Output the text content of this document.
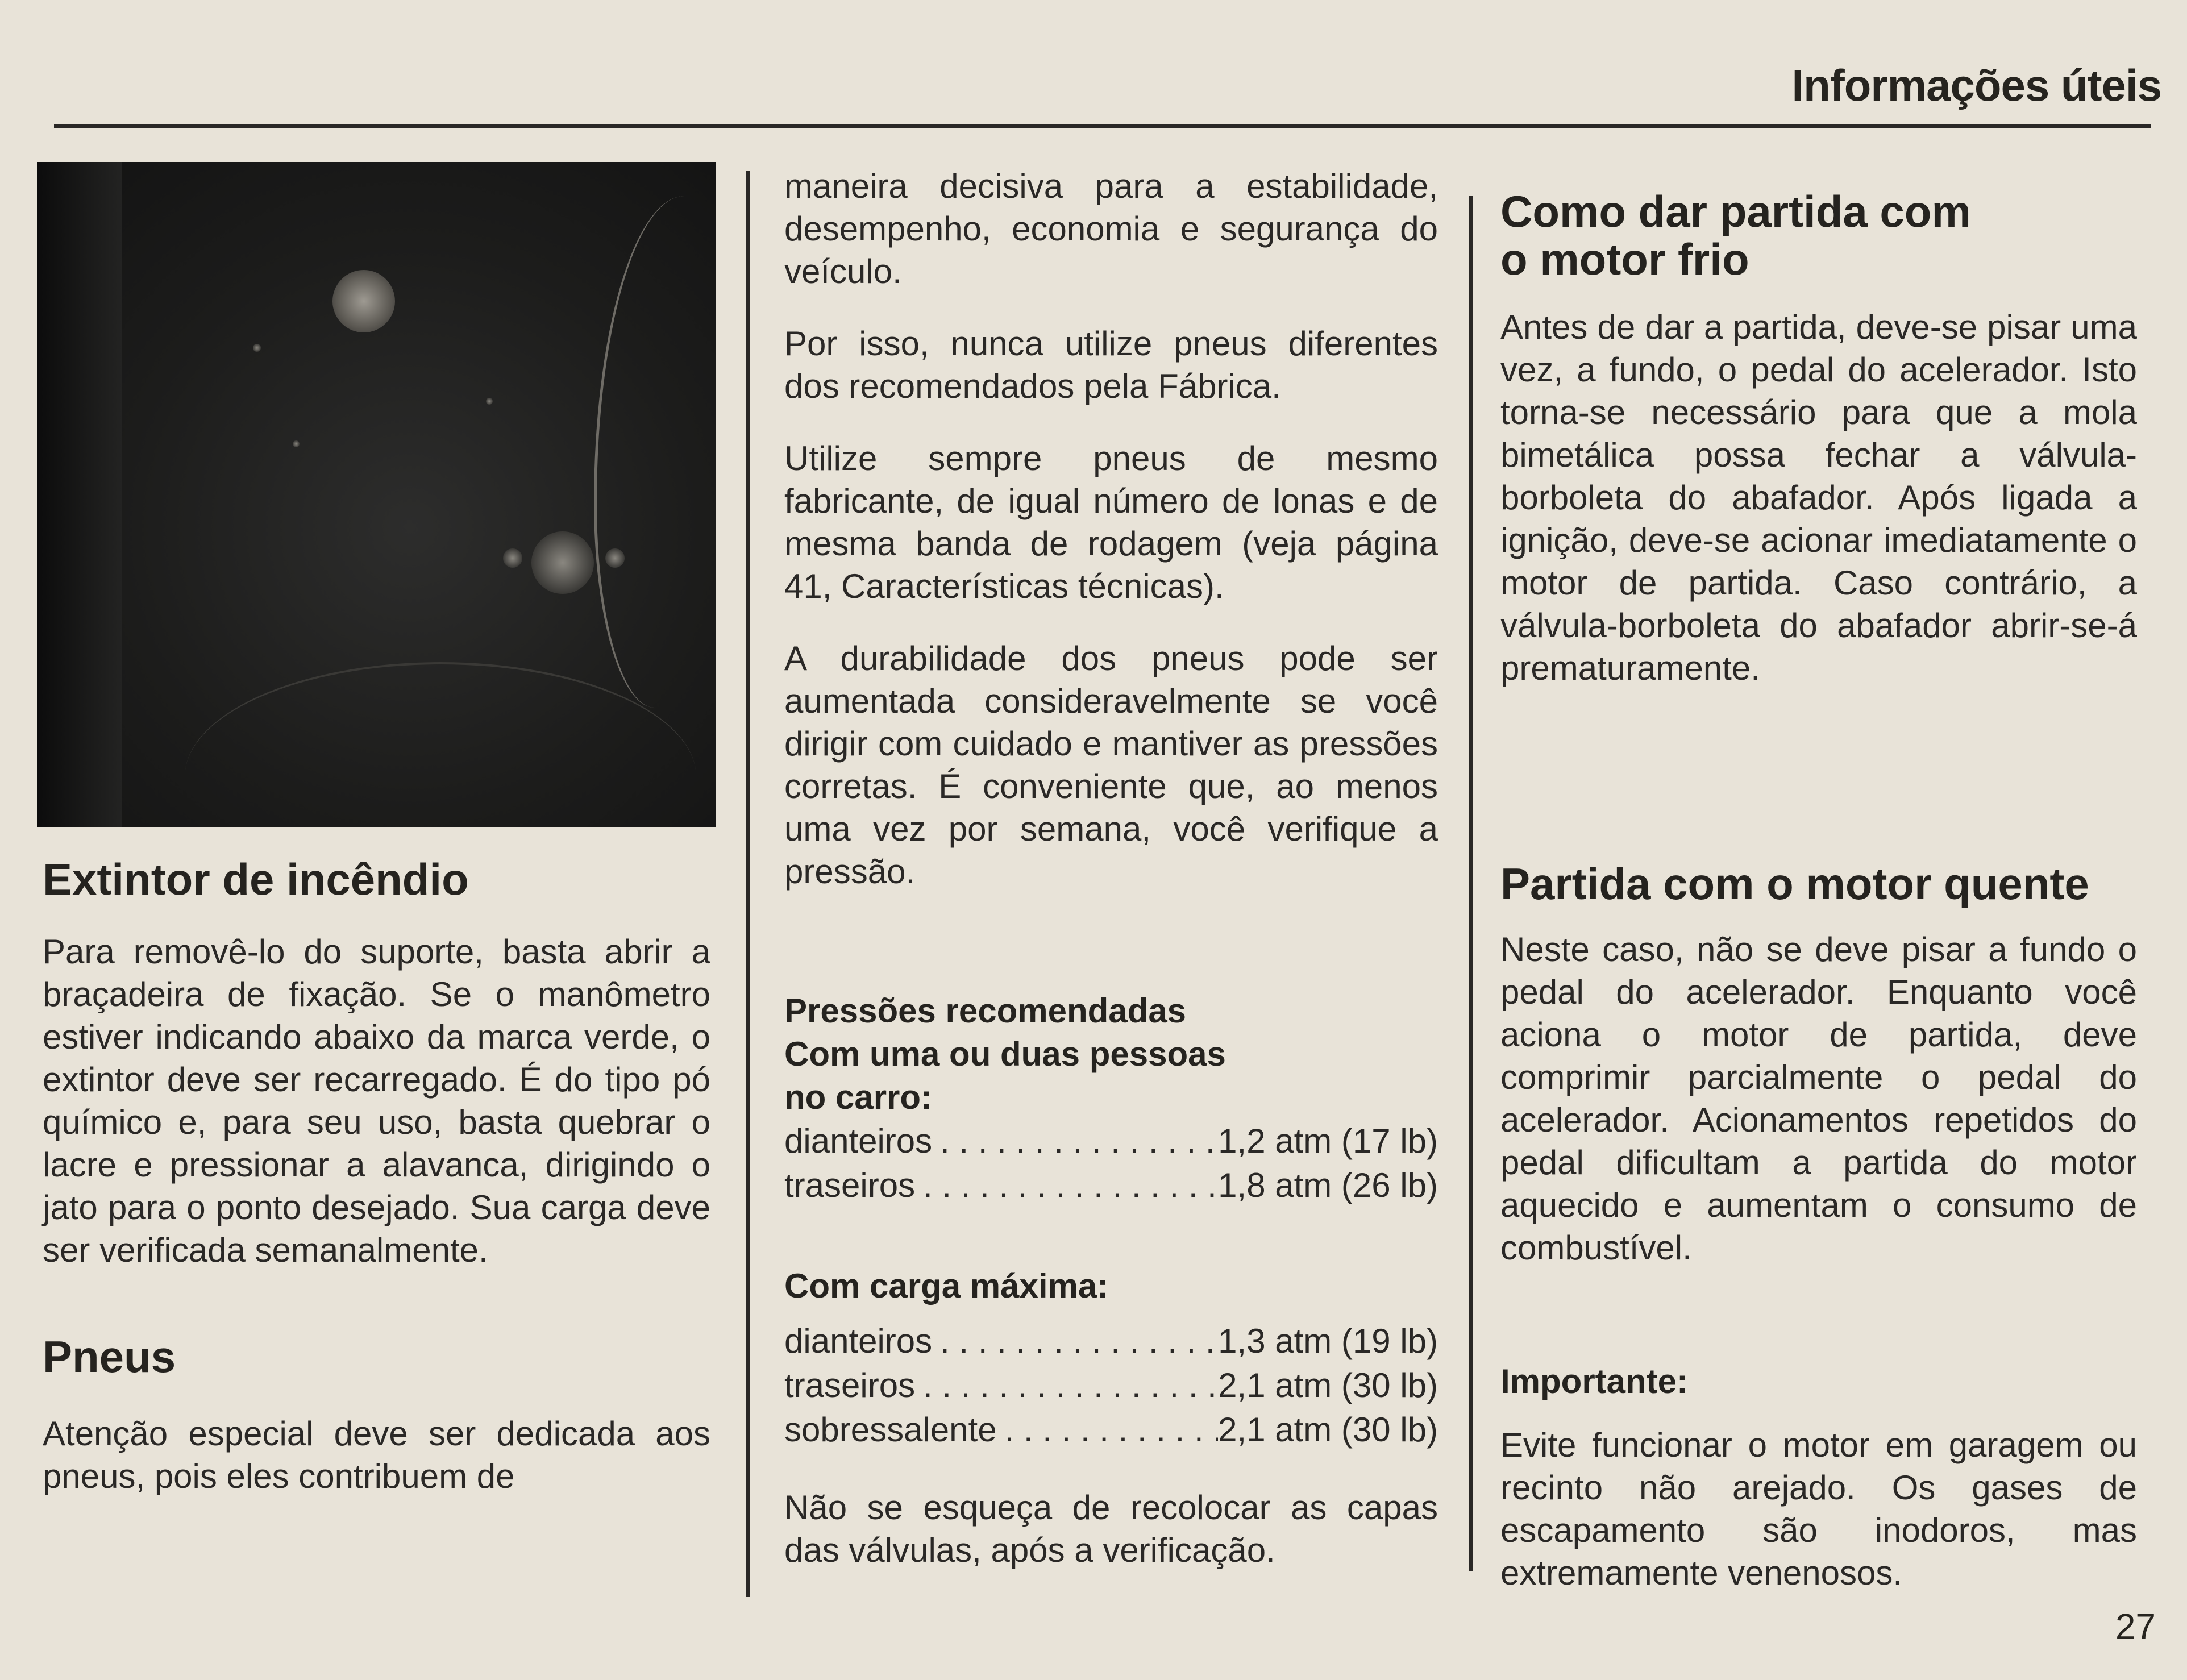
Informações úteis
Extintor de incêndio

Para removê-lo do suporte, basta abrir a braçadeira de fixação. Se o manômetro estiver indicando abaixo da marca verde, o extintor deve ser recarregado. É do tipo pó químico e, para seu uso, basta quebrar o lacre e pressionar a alavanca, dirigindo o jato para o ponto desejado. Sua carga deve ser verificada semanalmente.

Pneus

Atenção especial deve ser dedicada aos pneus, pois eles contribuem de

maneira decisiva para a estabilidade, desempenho, economia e segurança do veículo.

Por isso, nunca utilize pneus diferentes dos recomendados pela Fábrica.

Utilize sempre pneus de mesmo fabricante, de igual número de lonas e de mesma banda de rodagem (veja página 41, Características técnicas).

A durabilidade dos pneus pode ser aumentada consideravelmente se você dirigir com cuidado e mantiver as pressões corretas. É conveniente que, ao menos uma vez por semana, você verifique a pressão.

Pressões recomendadas
Com uma ou duas pessoas
no carro:
dianteiros . . .	1,2 atm (17 lb)
traseiros . . .	1,8 atm (26 lb)
Com carga máxima:
dianteiros . . .	1,3 atm (19 lb)
traseiros . . .	2,1 atm (30 lb)
sobressalente . . .	2,1 atm (30 lb)

Não se esqueça de recolocar as capas das válvulas, após a verificação.

Como dar partida com
o motor frio

Antes de dar a partida, deve-se pisar uma vez, a fundo, o pedal do acelerador. Isto torna-se necessário para que a mola bimetálica possa fechar a válvula-borboleta do abafador. Após ligada a ignição, deve-se acionar imediatamente o motor de partida. Caso contrário, a válvula-borboleta do abafador abrir-se-á prematuramente.

Partida com o motor quente

Neste caso, não se deve pisar a fundo o pedal do acelerador. Enquanto você aciona o motor de partida, deve comprimir parcialmente o pedal do acelerador. Acionamentos repetidos do pedal dificultam a partida do motor aquecido e aumentam o consumo de combustível.

Importante:

Evite funcionar o motor em garagem ou recinto não arejado. Os gases de escapamento são inodoros, mas extremamente venenosos.

27
